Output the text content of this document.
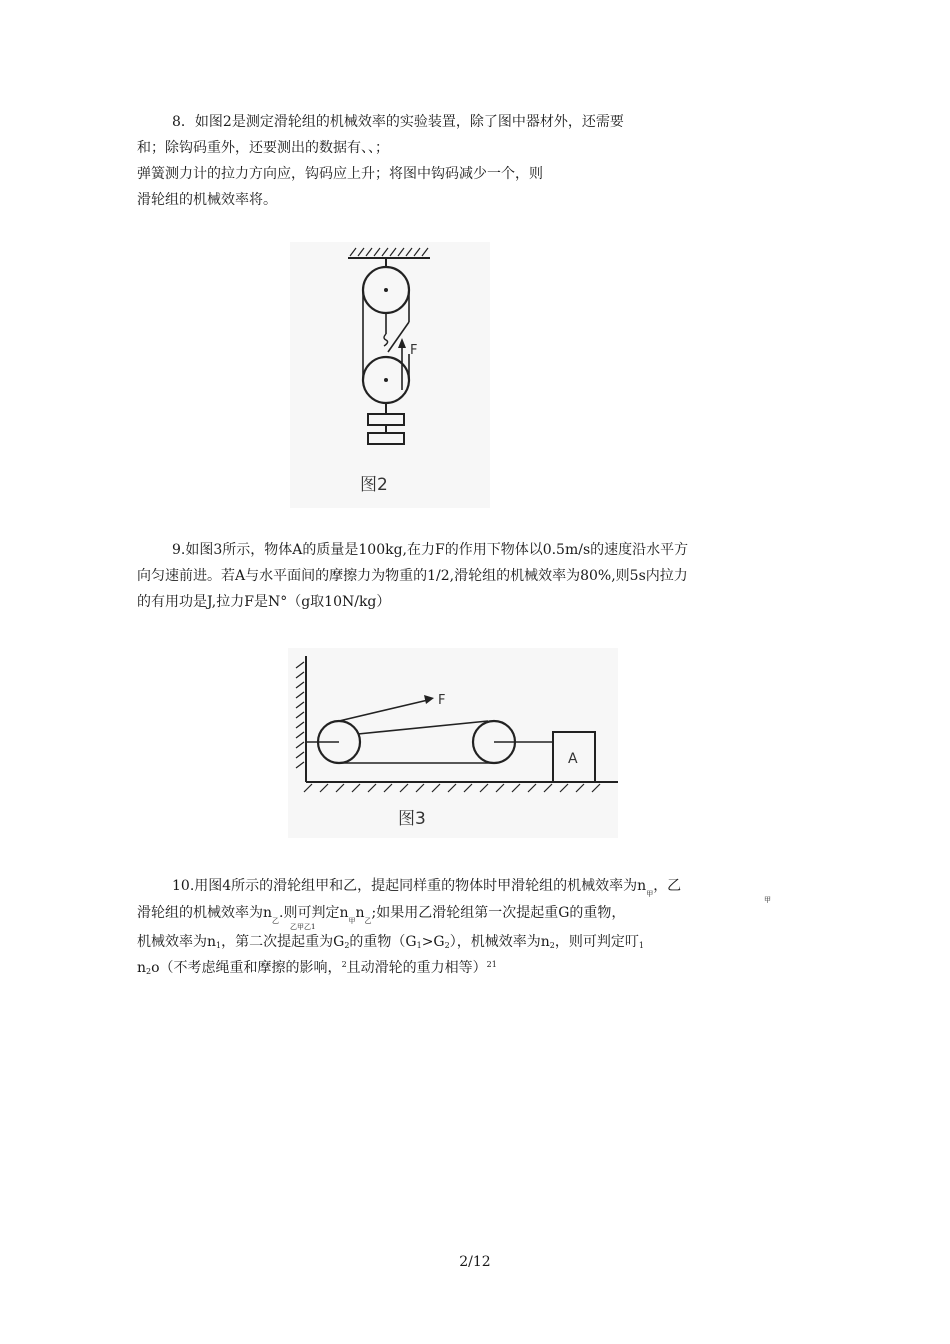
8．如图2是测定滑轮组的机械效率的实验装置，除了图中器材外，还需要
和；除钩码重外，还要测出的数据有、、；
弹簧测力计的拉力方向应，钩码应上升；将图中钩码减少一个，则
滑轮组的机械效率将。
F
图2
9.如图3所示，物体A的质量是100kg,在力F的作用下物体以0.5m/s的速度沿水平方
向匀速前进。若A与水平面间的摩擦力为物重的1/2,滑轮组的机械效率为80%,则5s内拉力
的有用功是J,拉力F是N°（g取10N/kg）
F
A
图3
10.用图4所示的滑轮组甲和乙，提起同样重的物体时甲滑轮组的机械效率为$n_甲$，乙
甲
滑轮组的机械效率为$n_乙$.则可判定$n_甲n_乙$;如果用乙滑轮组第一次提起重G的重物，
乙甲乙1
机械效率为$n_1$，第二次提起重为$G_2$的重物$(G_1>G_2)$，机械效率为$n_2$，则可判定叮$_1$
$n_2o$（不考虑绳重和摩擦的影响，$^2$且动滑轮的重力相等）$^{21}$
2/12
